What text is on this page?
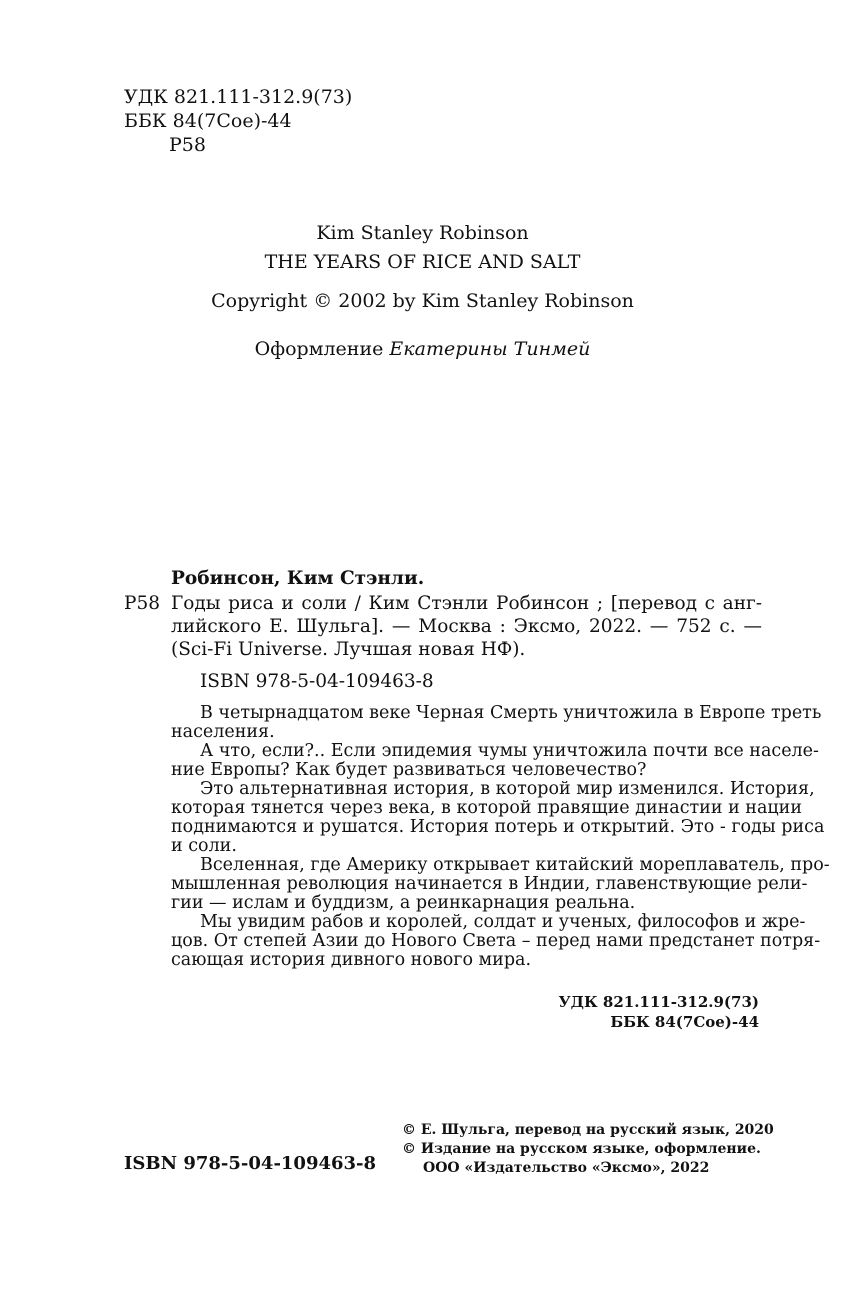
УДК 821.111-312.9(73)
ББК 84(7Сое)-44
Р58
Kim Stanley Robinson
THE YEARS OF RICE AND SALT
Copyright © 2002 by Kim Stanley Robinson
Оформление Екатерины Тинмей
Робинсон, Ким Стэнли.
Р58 Годы риса и соли / Ким Стэнли Робинсон ; [перевод с анг-
лийского Е. Шульга]. — Москва : Эксмо, 2022. — 752 с. —
(Sci-Fi Universe. Лучшая новая НФ).
ISBN 978-5-04-109463-8
В четырнадцатом веке Черная Смерть уничтожила в Европе треть
населения.
А что, если?.. Если эпидемия чумы уничтожила почти все населе-
ние Европы? Как будет развиваться человечество?
Это альтернативная история, в которой мир изменился. История,
которая тянется через века, в которой правящие династии и нации
поднимаются и рушатся. История потерь и открытий. Это - годы риса
и соли.
Вселенная, где Америку открывает китайский мореплаватель, про-
мышленная революция начинается в Индии, главенствующие рели-
гии — ислам и буддизм, а реинкарнация реальна.
Мы увидим рабов и королей, солдат и ученых, философов и жре-
цов. От степей Азии до Нового Света – перед нами предстанет потря-
сающая история дивного нового мира.
УДК 821.111-312.9(73)
ББК 84(7Сое)-44
© Е. Шульга, перевод на русский язык, 2020
© Издание на русском языке, оформление.
ООО «Издательство «Эксмо», 2022
ISBN 978-5-04-109463-8
